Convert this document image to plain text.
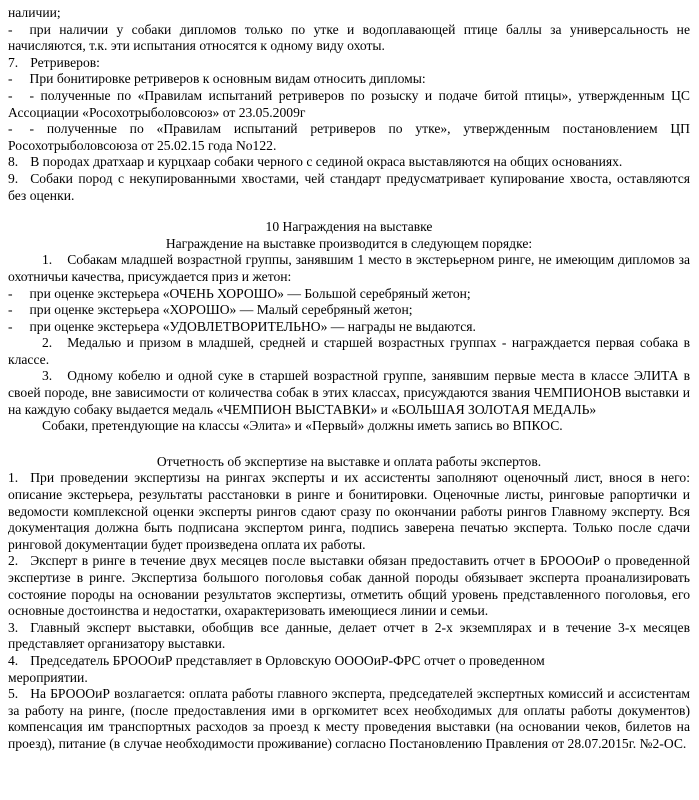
наличии;

- при наличии у собаки дипломов только по утке и водоплавающей птице баллы за универсальность не начисляются, т.к. эти испытания относятся к одному виду охоты.

7. Ретриверов:

- При бонитировке ретриверов к основным видам относить дипломы:

- - полученные по «Правилам испытаний ретриверов по розыску и подаче битой птицы», утвержденным ЦС Ассоциации «Росохотрыболовсоюз» от 23.05.2009г

- - полученные по «Правилам испытаний ретриверов по утке», утвержденным постановлением ЦП Росохотрыболовсоюза от 25.02.15 года No122.

8. В породах дратхаар и курцхаар собаки черного с сединой окраса выставляются на общих основаниях.

9. Собаки пород с некупированными хвостами, чей стандарт предусматривает купирование хвоста, оставляются без оценки.

10 Награждения на выставке

Награждение на выставке производится в следующем порядке:

1. Собакам младшей возрастной группы, занявшим 1 место в экстерьерном ринге, не имеющим дипломов за охотничьи качества, присуждается приз и жетон:

- при оценке экстерьера «ОЧЕНЬ ХОРОШО» — Большой серебряный жетон;

- при оценке экстерьера «ХОРОШО» — Малый серебряный жетон;

- при оценке экстерьера «УДОВЛЕТВОРИТЕЛЬНО» — награды не выдаются.

2. Медалью и призом в младшей, средней и старшей возрастных группах - награждается первая собака в классе.

3. Одному кобелю и одной суке в старшей возрастной группе, занявшим первые места в классе ЭЛИТА в своей породе, вне зависимости от количества собак в этих классах, присуждаются звания ЧЕМПИОНОВ выставки и на каждую собаку выдается медаль «ЧЕМПИОН ВЫСТАВКИ» и «БОЛЬШАЯ ЗОЛОТАЯ МЕДАЛЬ»

Собаки, претендующие на классы «Элита» и «Первый» должны иметь запись во ВПКОС.

Отчетность об экспертизе на выставке и оплата работы экспертов.

1. При проведении экспертизы на рингах эксперты и их ассистенты заполняют оценочный лист, внося в него: описание экстерьера, результаты расстановки в ринге и бонитировки. Оценочные листы, ринговые рапортички и ведомости комплексной оценки эксперты рингов сдают сразу по окончании работы рингов Главному эксперту. Вся документация должна быть подписана экспертом ринга, подпись заверена печатью эксперта. Только после сдачи ринговой документации будет произведена оплата их работы.

2. Эксперт в ринге в течение двух месяцев после выставки обязан предоставить отчет в БРОООиР о проведенной экспертизе в ринге. Экспертиза большого поголовья собак данной породы обязывает эксперта проанализировать состояние породы на основании результатов экспертизы, отметить общий уровень представленного поголовья, его основные достоинства и недостатки, охарактеризовать имеющиеся линии и семьи.

3. Главный эксперт выставки, обобщив все данные, делает отчет в 2-х экземплярах и в течение 3-х месяцев представляет организатору выставки.

4. Председатель БРОООиР представляет в Орловскую ООООиР-ФРС отчет о проведенном
мероприятии.

5. На БРОООиР возлагается: оплата работы главного эксперта, председателей экспертных комиссий и ассистентам за работу на ринге, (после предоставления ими в оргкомитет всех необходимых для оплаты работы документов) компенсация им транспортных расходов за проезд к месту проведения выставки (на основании чеков, билетов на проезд), питание (в случае необходимости проживание) согласно Постановлению Правления от 28.07.2015г. №2-ОС.
